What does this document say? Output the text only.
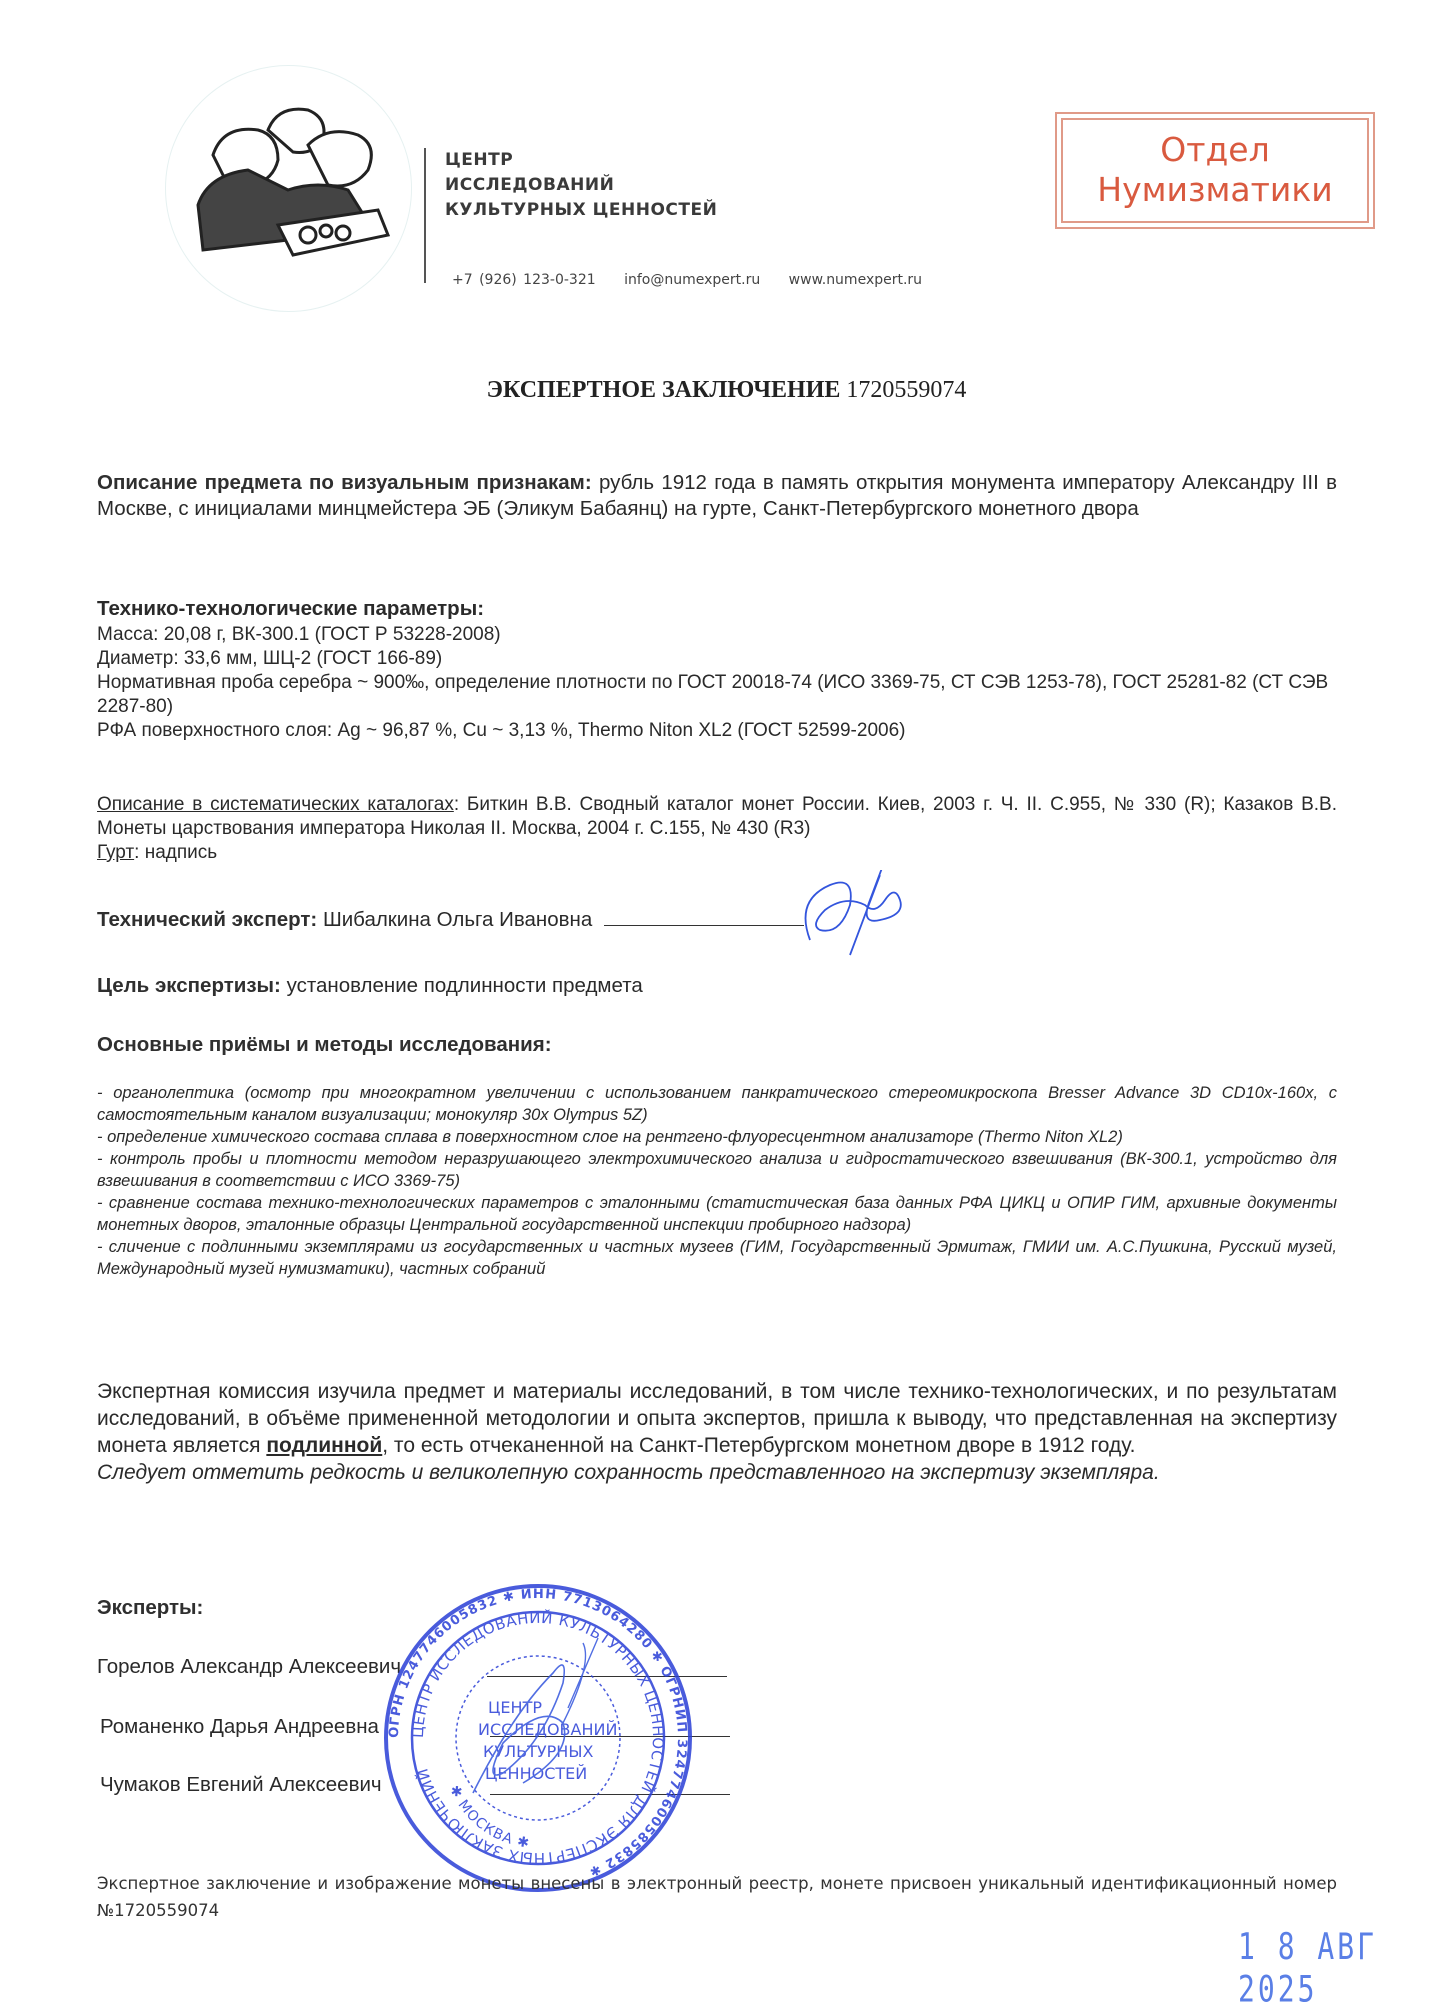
ЦЕНТР
ИССЛЕДОВАНИЙ
КУЛЬТУРНЫХ ЦЕННОСТЕЙ
+7 (926) 123-0-321 info@numexpert.ru www.numexpert.ru
Отдел
Нумизматики
ЭКСПЕРТНОЕ ЗАКЛЮЧЕНИЕ 1720559074
Описание предмета по визуальным признакам: рубль 1912 года в память открытия монумента императору Александру III в Москве, с инициалами минцмейстера ЭБ (Эликум Бабаянц) на гурте, Санкт-Петербургского монетного двора
Технико-технологические параметры:
Масса: 20,08 г, ВК-300.1 (ГОСТ Р 53228-2008)
Диаметр: 33,6 мм, ШЦ-2 (ГОСТ 166-89)
Нормативная проба серебра ~ 900‰, определение плотности по ГОСТ 20018-74 (ИСО 3369-75, СТ СЭВ 1253-78), ГОСТ 25281-82 (СТ СЭВ 2287-80)
РФА поверхностного слоя: Ag ~ 96,87 %, Cu ~ 3,13 %, Thermo Niton XL2 (ГОСТ 52599-2006)
Описание в систематических каталогах: Биткин В.В. Сводный каталог монет России. Киев, 2003 г. Ч. II. С.955, № 330 (R); Казаков В.В. Монеты царствования императора Николая II. Москва, 2004 г. С.155, № 430 (R3)
Гурт: надпись
Технический эксперт: Шибалкина Ольга Ивановна
Цель экспертизы: установление подлинности предмета
Основные приёмы и методы исследования:
- органолептика (осмотр при многократном увеличении с использованием панкратического стереомикроскопа Bresser Advance 3D CD10x-160x, с самостоятельным каналом визуализации; монокуляр 30x Olympus 5Z)
- определение химического состава сплава в поверхностном слое на рентгено-флуоресцентном анализаторе (Thermo Niton XL2)
- контроль пробы и плотности методом неразрушающего электрохимического анализа и гидростатического взвешивания (ВК-300.1, устройство для взвешивания в соответствии с ИСО 3369-75)
- сравнение состава технико-технологических параметров с эталонными (статистическая база данных РФА ЦИКЦ и ОПИР ГИМ, архивные документы монетных дворов, эталонные образцы Центральной государственной инспекции пробирного надзора)
- сличение с подлинными экземплярами из государственных и частных музеев (ГИМ, Государственный Эрмитаж, ГМИИ им. А.С.Пушкина, Русский музей, Международный музей нумизматики), частных собраний
Экспертная комиссия изучила предмет и материалы исследований, в том числе технико-технологических, и по результатам исследований, в объёме примененной методологии и опыта экспертов, пришла к выводу, что представленная на экспертизу монета является подлинной, то есть отчеканенной на Санкт-Петербургском монетном дворе в 1912 году.
Следует отметить редкость и великолепную сохранность представленного на экспертизу экземпляра.
Эксперты:
Горелов Александр Алексеевич
Романенко Дарья Андреевна
Чумаков Евгений Алексеевич
ОГРН 1247746005832 ✱ ИНН 7713064280 ✱ ОГРНИП 324774600585832 ✱
ЦЕНТР ИССЛЕДОВАНИЙ КУЛЬТУРНЫХ ЦЕННОСТЕЙ ДЛЯ ЭКСПЕРТНЫХ ЗАКЛЮЧЕНИЙ
✱ МОСКВА ✱
ЦЕНТР
ИССЛЕДОВАНИЙ
КУЛЬТУРНЫХ
ЦЕННОСТЕЙ
Экспертное заключение и изображение монеты внесены в электронный реестр, монете присвоен уникальный идентификационный номер №1720559074
1 8 АВГ 2025
